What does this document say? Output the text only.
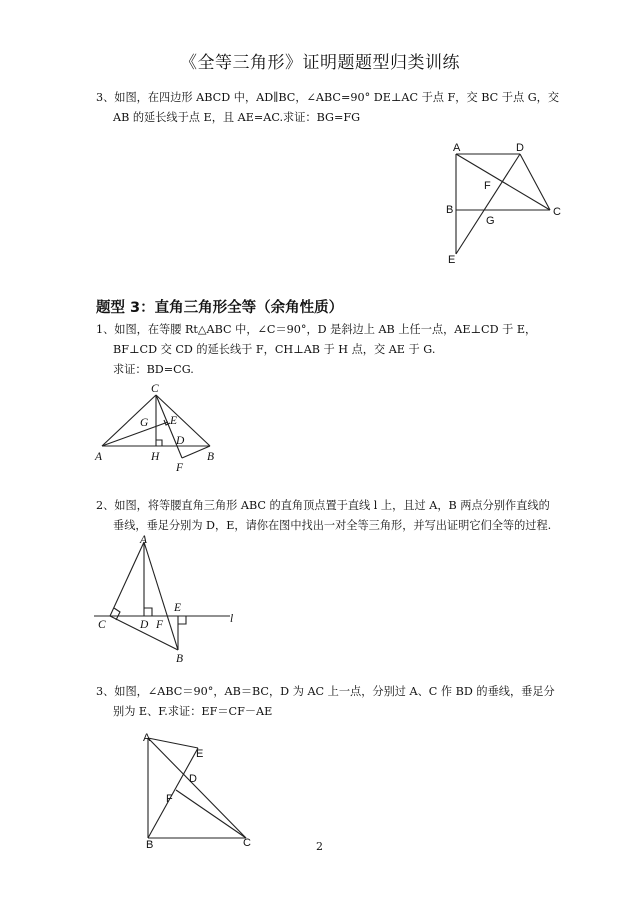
《全等三角形》证明题题型归类训练
3、如图，在四边形 ABCD 中，AD∥BC，∠ABC=90° DE⊥AC 于点 F，交 BC 于点 G，交
AB 的延长线于点 E，且 AE=AC.求证：BG=FG
A	D
F
B	C
G
E
题型 3：直角三角形全等（余角性质）
1、如图，在等腰 Rt△ABC 中，∠C＝90°，D 是斜边上 AB 上任一点，AE⊥CD 于 E，
BF⊥CD 交 CD 的延长线于 F，CH⊥AB 于 H 点，交 AE 于 G.
求证：BD=CG.
C
G E
D
A	H
F
B
2、如图，将等腰直角三角形 ABC 的直角顶点置于直线 l 上，且过 A，B 两点分别作直线的
垂线，垂足分别为 D，E，请你在图中找出一对全等三角形，并写出证明它们全等的过程.
A
E
l
C	D F
B
3、如图，∠ABC＝90°，AB＝BC，D 为 AC 上一点，分别过 A、C 作 BD 的垂线，垂足分
别为 E、F.求证：EF＝CF－AE
A
E
D
F
B	C	2
